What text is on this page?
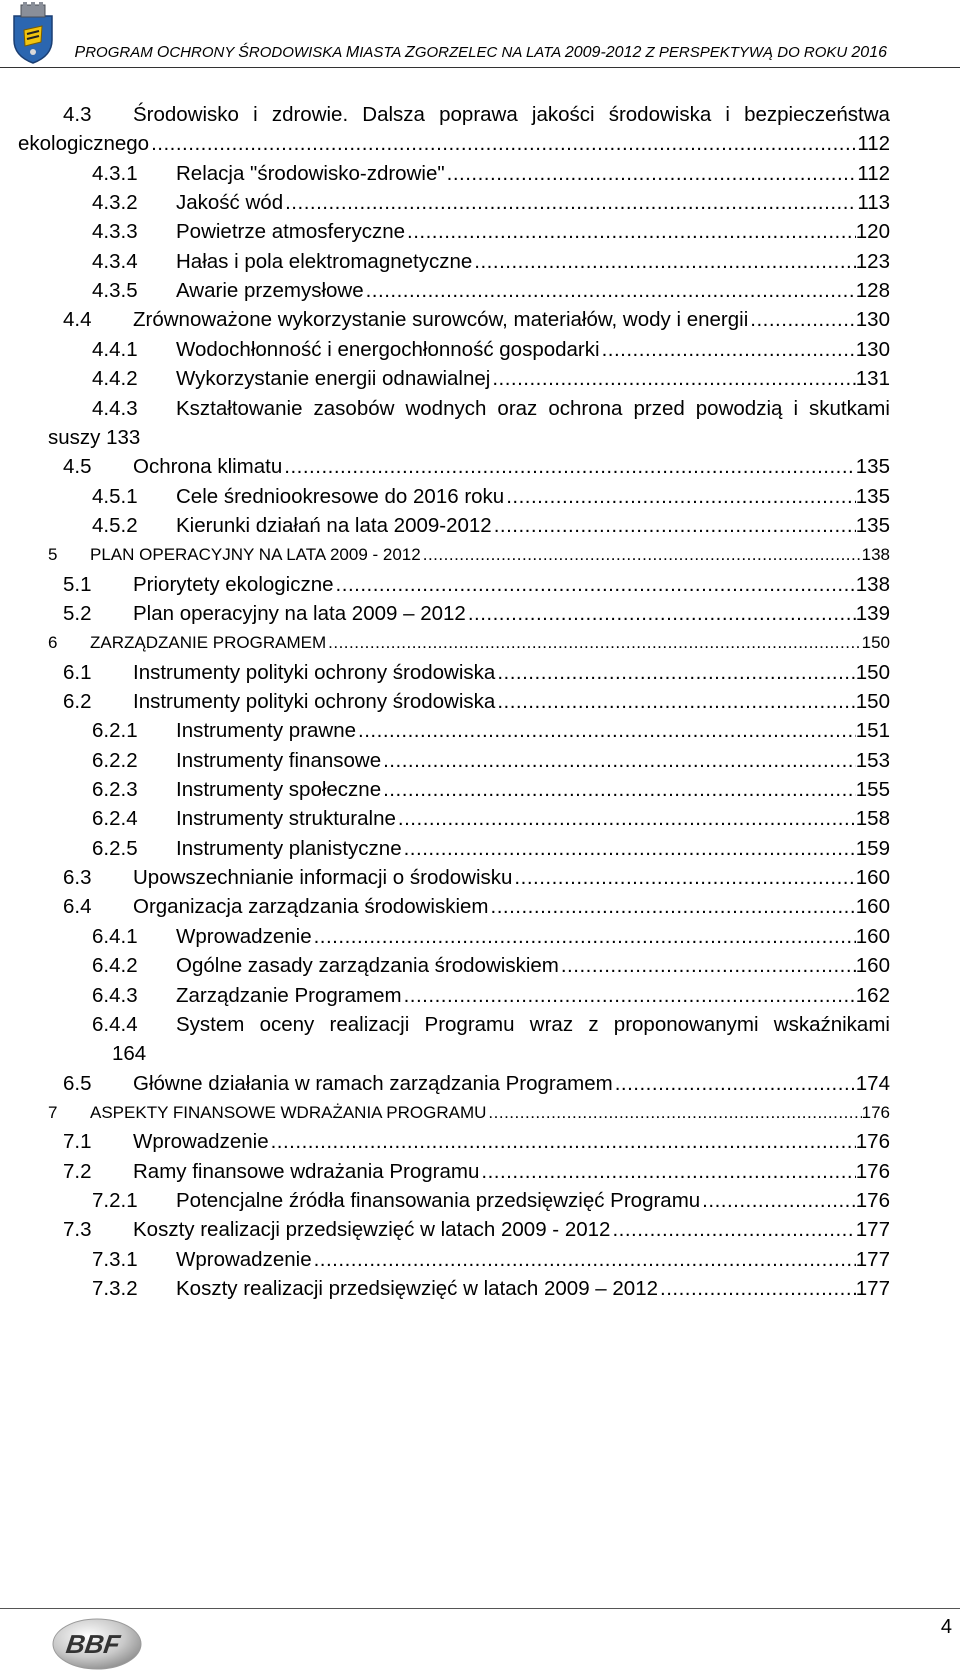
PROGRAM OCHRONY ŚRODOWISKA MIASTA ZGORZELEC NA LATA 2009-2012 Z PERSPEKTYWĄ DO ROKU 2016
4.3 Środowisko i zdrowie. Dalsza poprawa jakości środowiska i bezpieczeństwa
ekologicznego .....	112
4.3.1 Relacja "środowisko-zdrowie" .....	112
4.3.2 Jakość wód .....	113
4.3.3 Powietrze atmosferyczne .....	120
4.3.4 Hałas i pola elektromagnetyczne .....	123
4.3.5 Awarie przemysłowe .....	128
4.4 Zrównoważone wykorzystanie surowców, materiałów, wody i energii .....	130
4.4.1 Wodochłonność i energochłonność gospodarki .....	130
4.4.2 Wykorzystanie energii odnawialnej .....	131
4.4.3 Kształtowanie zasobów wodnych oraz ochrona przed powodzią i skutkami
suszy 133
4.5 Ochrona klimatu .....	135
4.5.1 Cele średniookresowe do 2016 roku .....	135
4.5.2 Kierunki działań na lata 2009-2012 .....	135
5 PLAN OPERACYJNY NA LATA 2009 - 2012 .....	138
5.1 Priorytety ekologiczne .....	138
5.2 Plan operacyjny na lata 2009 – 2012 .....	139
6 ZARZĄDZANIE PROGRAMEM .....	150
6.1 Instrumenty polityki ochrony środowiska .....	150
6.2 Instrumenty polityki ochrony środowiska .....	150
6.2.1 Instrumenty prawne .....	151
6.2.2 Instrumenty finansowe .....	153
6.2.3 Instrumenty społeczne .....	155
6.2.4 Instrumenty strukturalne .....	158
6.2.5 Instrumenty planistyczne .....	159
6.3 Upowszechnianie informacji o środowisku .....	160
6.4 Organizacja zarządzania środowiskiem .....	160
6.4.1 Wprowadzenie .....	160
6.4.2 Ogólne zasady zarządzania środowiskiem .....	160
6.4.3 Zarządzanie Programem .....	162
6.4.4 System oceny realizacji Programu wraz z proponowanymi wskaźnikami
164
6.5 Główne działania w ramach zarządzania Programem .....	174
7 ASPEKTY FINANSOWE WDRAŻANIA PROGRAMU .....	176
7.1 Wprowadzenie .....	176
7.2 Ramy finansowe wdrażania Programu .....	176
7.2.1 Potencjalne źródła finansowania przedsięwzięć Programu .....	176
7.3 Koszty realizacji przedsięwzięć w latach 2009 - 2012 .....	177
7.3.1 Wprowadzenie .....	177
7.3.2 Koszty realizacji przedsięwzięć w latach 2009 – 2012 .....	177
BBF
4
